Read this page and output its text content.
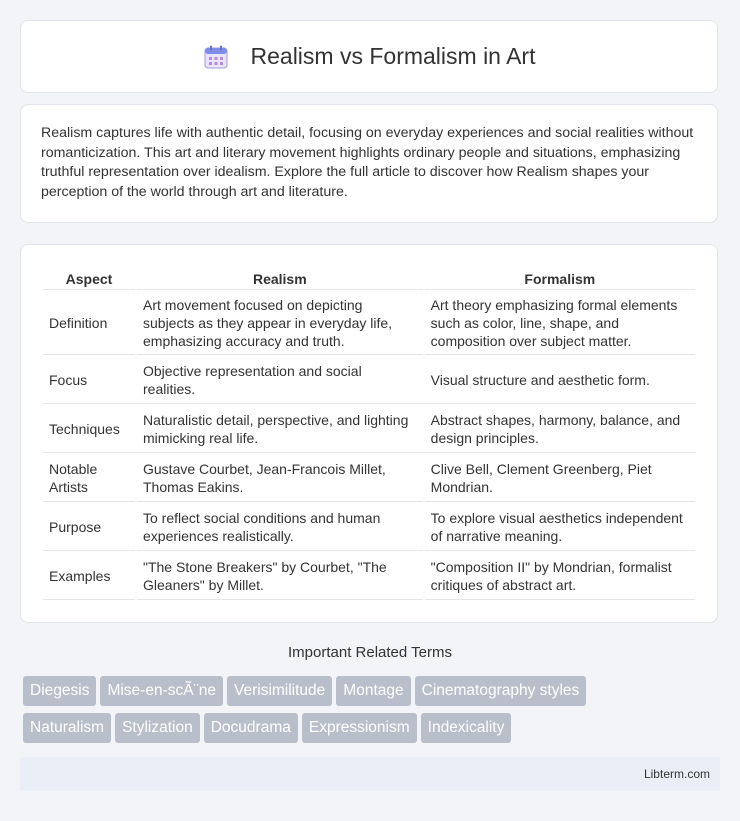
Realism vs Formalism in Art

Realism captures life with authentic detail, focusing on everyday experiences and social realities without romanticization. This art and literary movement highlights ordinary people and situations, emphasizing truthful representation over idealism. Explore the full article to discover how Realism shapes your perception of the world through art and literature.

Aspect	Realism	Formalism
Definition	Art movement focused on depicting subjects as they appear in everyday life, emphasizing accuracy and truth.	Art theory emphasizing formal elements such as color, line, shape, and composition over subject matter.
Focus	Objective representation and social realities.	Visual structure and aesthetic form.
Techniques	Naturalistic detail, perspective, and lighting mimicking real life.	Abstract shapes, harmony, balance, and design principles.
Notable Artists	Gustave Courbet, Jean-Francois Millet, Thomas Eakins.	Clive Bell, Clement Greenberg, Piet Mondrian.
Purpose	To reflect social conditions and human experiences realistically.	To explore visual aesthetics independent of narrative meaning.
Examples	"The Stone Breakers" by Courbet, "The Gleaners" by Millet.	"Composition II" by Mondrian, formalist critiques of abstract art.
Important Related Terms
Diegesis Mise-en-scÃ¨ne Verisimilitude Montage Cinematography styles
Naturalism Stylization Docudrama Expressionism Indexicality
Libterm.com
